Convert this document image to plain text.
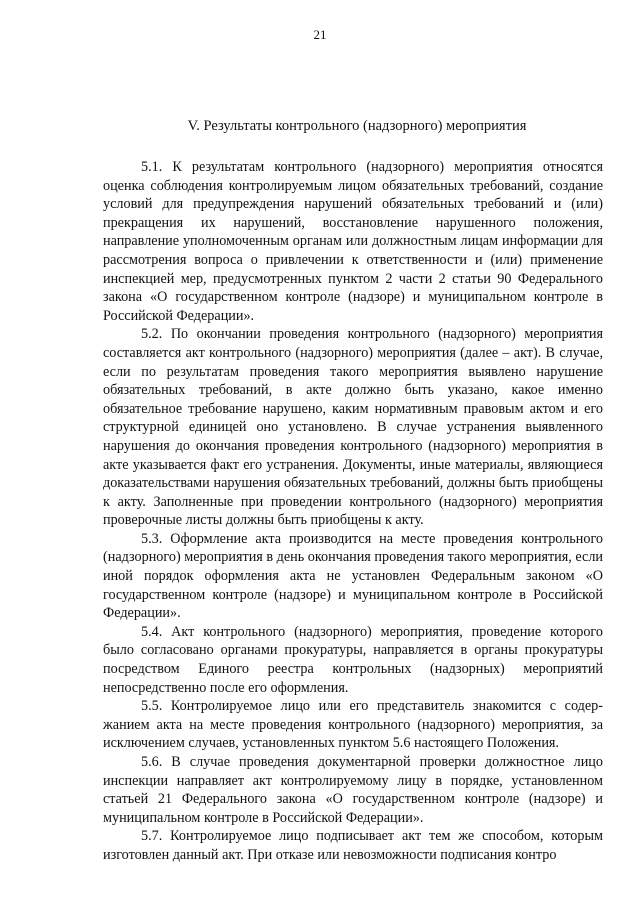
21
V. Результаты контрольного (надзорного) мероприятия

5.1. К результатам контрольного (надзорного) мероприятия относятся оценка соблюдения контролируемым лицом обязательных требований, создание условий для предупреждения нарушений обязательных требований и (или) прекращения их нарушений, восстановление нарушенного положения, направление уполномоченным органам или должностным лицам информации для рассмотрения вопроса о привлечении к ответственности и (или) применение инспекцией мер, предусмотренных пунктом 2 части 2 статьи 90 Федерального закона «О государственном контроле (надзоре) и муниципальном контроле в Российской Федерации».

5.2. По окончании проведения контрольного (надзорного) мероприятия составляется акт контрольного (надзорного) мероприятия (далее – акт). В случае, если по результатам проведения такого мероприятия выявлено нарушение обязательных требований, в акте должно быть указано, какое именно обязательное требование нарушено, каким нормативным правовым актом и его структурной единицей оно установлено. В случае устранения выявленного нарушения до окончания проведения контрольного (надзорного) мероприятия в акте указывается факт его устранения. Документы, иные материалы, являющиеся доказательствами нарушения обязательных требований, должны быть приобщены к акту. Заполненные при проведении контрольного (надзорного) мероприятия проверочные листы должны быть приобщены к акту.

5.3. Оформление акта производится на месте проведения контрольного (надзорного) мероприятия в день окончания проведения такого мероприятия, если иной порядок оформления акта не установлен Федеральным законом «О государственном контроле (надзоре) и муниципальном контроле в Российской Федерации».

5.4. Акт контрольного (надзорного) мероприятия, проведение которого было согласовано органами прокуратуры, направляется в органы прокуратуры посредством Единого реестра контрольных (надзорных) мероприятий непосредственно после его оформления.

5.5. Контролируемое лицо или его представитель знакомится с содержанием акта на месте проведения контрольного (надзорного) мероприятия, за исключением случаев, установленных пунктом 5.6 настоящего Положения.

5.6. В случае проведения документарной проверки должностное лицо инспекции направляет акт контролируемому лицу в порядке, установленном статьей 21 Федерального закона «О государственном контроле (надзоре) и муниципальном контроле в Российской Федерации».

5.7. Контролируемое лицо подписывает акт тем же способом, которым изготовлен данный акт. При отказе или невозможности подписания контро
